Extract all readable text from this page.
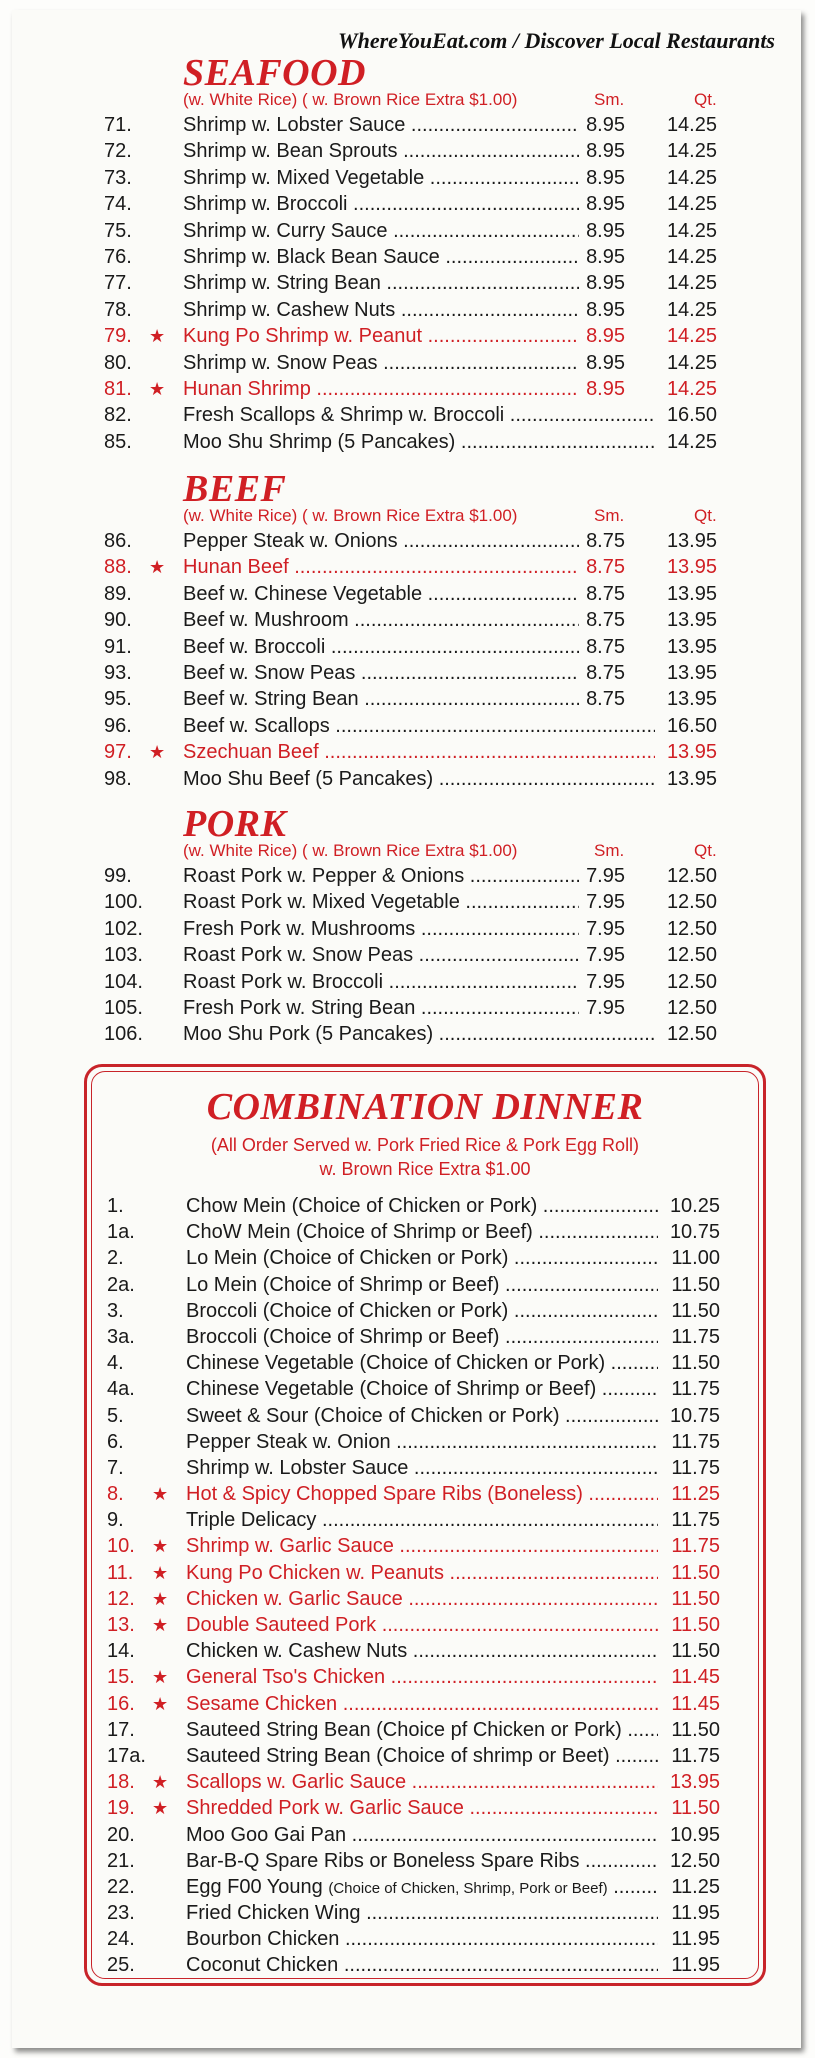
WhereYouEat.com / Discover Local Restaurants
SEAFOOD
(w. White Rice) ( w. Brown Rice Extra $1.00)	Sm.	Qt.
71.	Shrimp w. Lobster Sauce .....	8.95 14.25
72.	Shrimp w. Bean Sprouts .....	8.95 14.25
73.	Shrimp w. Mixed Vegetable .....	8.95 14.25
74.	Shrimp w. Broccoli .....	8.95 14.25
75.	Shrimp w. Curry Sauce .....	8.95 14.25
76.	Shrimp w. Black Bean Sauce .....	8.95 14.25
77.	Shrimp w. String Bean .....	8.95 14.25
78.	Shrimp w. Cashew Nuts .....	8.95 14.25
79. ★ Kung Po Shrimp w. Peanut .....	8.95 14.25
80.	Shrimp w. Snow Peas .....	8.95 14.25
81. ★ Hunan Shrimp .....	8.95 14.25
82.	Fresh Scallops & Shrimp w. Broccoli .....	16.50
85.	Moo Shu Shrimp (5 Pancakes) .....	14.25
BEEF
(w. White Rice) ( w. Brown Rice Extra $1.00)	Sm.	Qt.
86.	Pepper Steak w. Onions .....	8.75 13.95
88. ★ Hunan Beef .....	8.75 13.95
89.	Beef w. Chinese Vegetable .....	8.75 13.95
90.	Beef w. Mushroom .....	8.75 13.95
91.	Beef w. Broccoli .....	8.75 13.95
93.	Beef w. Snow Peas .....	8.75 13.95
95.	Beef w. String Bean .....	8.75 13.95
96.	Beef w. Scallops .....	16.50
97. ★ Szechuan Beef .....	13.95
98.	Moo Shu Beef (5 Pancakes) .....	13.95
PORK
(w. White Rice) ( w. Brown Rice Extra $1.00)	Sm.	Qt.
99.	Roast Pork w. Pepper & Onions .....	7.95 12.50
100. Roast Pork w. Mixed Vegetable .....	7.95 12.50
102. Fresh Pork w. Mushrooms .....	7.95 12.50
103. Roast Pork w. Snow Peas .....	7.95 12.50
104. Roast Pork w. Broccoli .....	7.95 12.50
105. Fresh Pork w. String Bean .....	7.95 12.50
106. Moo Shu Pork (5 Pancakes) .....	12.50
COMBINATION DINNER
(All Order Served w. Pork Fried Rice & Pork Egg Roll)
w. Brown Rice Extra $1.00
1.	Chow Mein (Choice of Chicken or Pork) .....	10.25
1a.	ChoW Mein (Choice of Shrimp or Beef) .....	10.75
2.	Lo Mein (Choice of Chicken or Pork) .....	11.00
2a.	Lo Mein (Choice of Shrimp or Beef) .....	11.50
3.	Broccoli (Choice of Chicken or Pork) .....	11.50
3a.	Broccoli (Choice of Shrimp or Beef) .....	11.75
4.	Chinese Vegetable (Choice of Chicken or Pork) .....	11.50
4a.	Chinese Vegetable (Choice of Shrimp or Beef) .....	11.75
5.	Sweet & Sour (Choice of Chicken or Pork) .....	10.75
6.	Pepper Steak w. Onion .....	11.75
7.	Shrimp w. Lobster Sauce .....	11.75
8. ★ Hot & Spicy Chopped Spare Ribs (Boneless) .....	11.25
9.	Triple Delicacy .....	11.75
10. ★ Shrimp w. Garlic Sauce .....	11.75
11. ★ Kung Po Chicken w. Peanuts .....	11.50
12. ★ Chicken w. Garlic Sauce .....	11.50
13. ★ Double Sauteed Pork .....	11.50
14.	Chicken w. Cashew Nuts .....	11.50
15. ★ General Tso's Chicken .....	11.45
16. ★ Sesame Chicken .....	11.45
17.	Sauteed String Bean (Choice pf Chicken or Pork) .....	11.50
17a. Sauteed String Bean (Choice of shrimp or Beet) .....	11.75
18. ★ Scallops w. Garlic Sauce .....	13.95
19. ★ Shredded Pork w. Garlic Sauce .....	11.50
20.	Moo Goo Gai Pan .....	10.95
21.	Bar-B-Q Spare Ribs or Boneless Spare Ribs .....	12.50
22.	Egg F00 Young (Choice of Chicken, Shrimp, Pork or Beef) .....	11.25
23.	Fried Chicken Wing .....	11.95
24.	Bourbon Chicken .....	11.95
25.	Coconut Chicken .....	11.95
